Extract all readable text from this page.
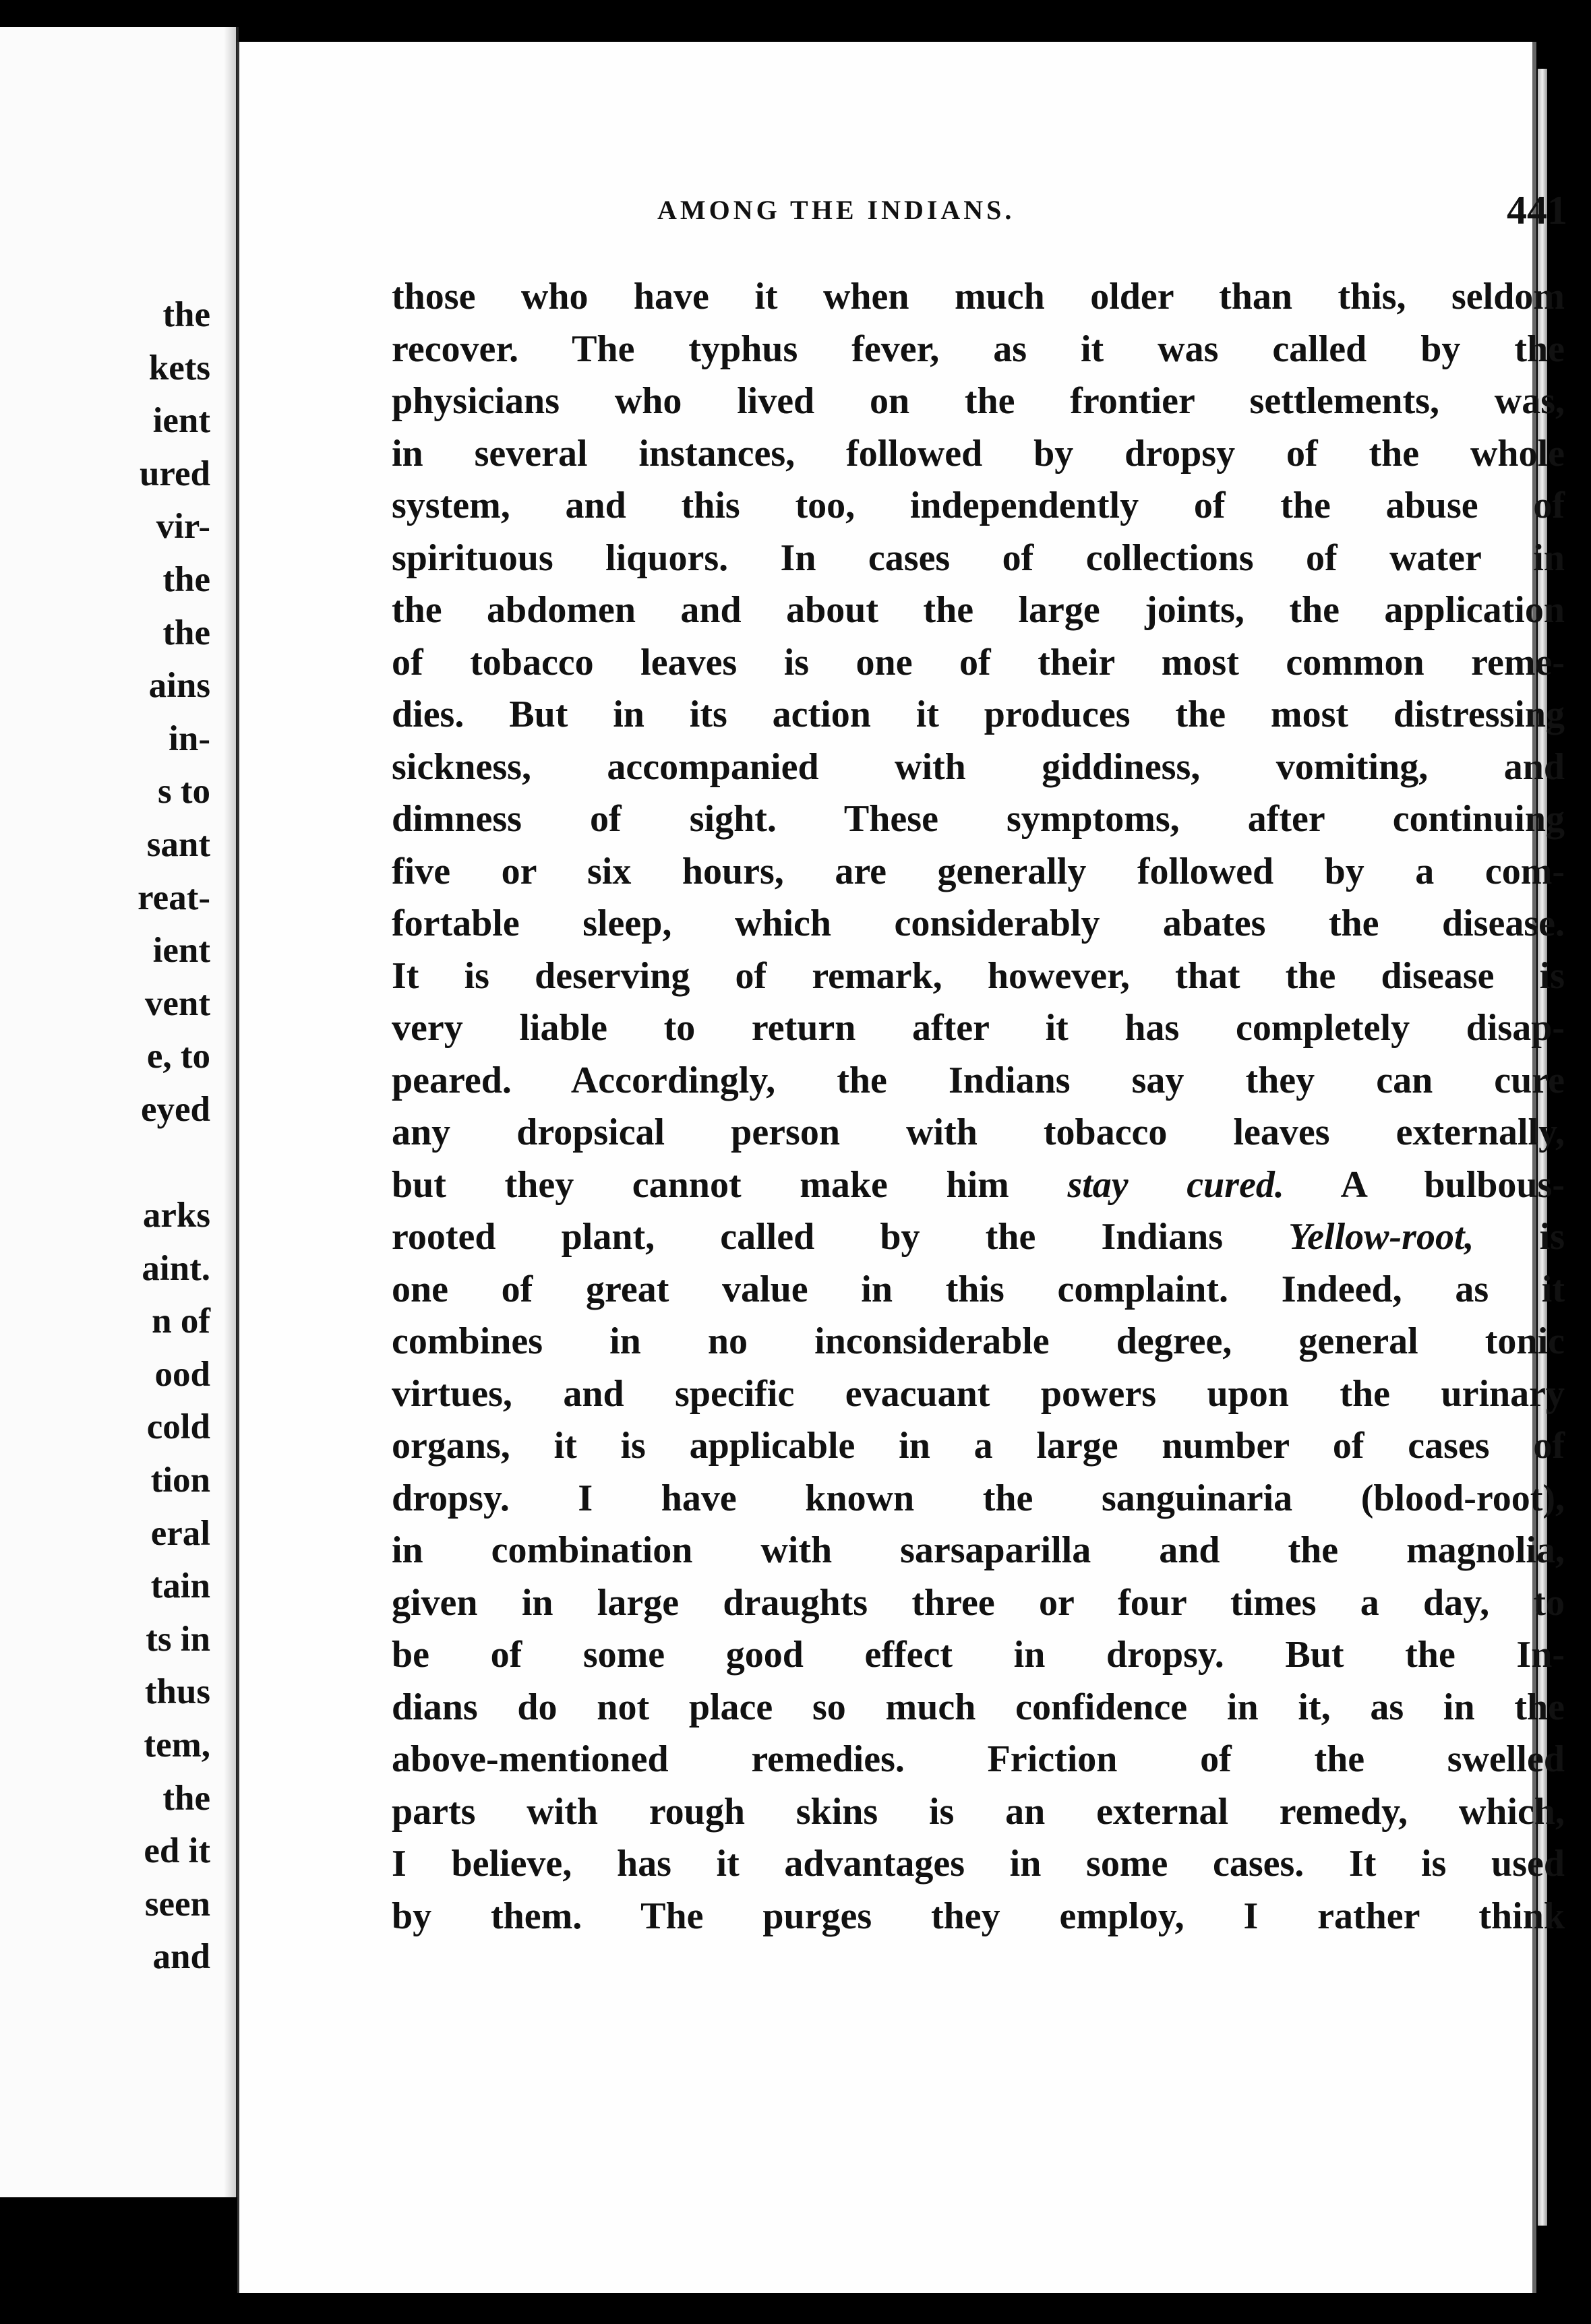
the
kets
ient
ured
vir-
the
the
ains
in-
s to
sant
reat-
ient
vent
e, to
eyed
arks
aint.
n of
ood
cold
tion
eral
tain
ts in
thus
tem,
the
ed it
seen
and
AMONG THE INDIANS.	441
those who have it when much older than this, seldom
recover. The typhus fever, as it was called by the
physicians who lived on the frontier settlements, was,
in several instances, followed by dropsy of the whole
system, and this too, independently of the abuse of
spirituous liquors. In cases of collections of water in
the abdomen and about the large joints, the application
of tobacco leaves is one of their most common reme-
dies. But in its action it produces the most distressing
sickness, accompanied with giddiness, vomiting, and
dimness of sight. These symptoms, after continuing
five or six hours, are generally followed by a com-
fortable sleep, which considerably abates the disease.
It is deserving of remark, however, that the disease is
very liable to return after it has completely disap-
peared. Accordingly, the Indians say they can cure
any dropsical person with tobacco leaves externally,
but they cannot make him stay cured. A bulbous-
rooted plant, called by the Indians Yellow-root, is
one of great value in this complaint. Indeed, as it
combines in no inconsiderable degree, general tonic
virtues, and specific evacuant powers upon the urinary
organs, it is applicable in a large number of cases of
dropsy. I have known the sanguinaria (blood-root),
in combination with sarsaparilla and the magnolia,
given in large draughts three or four times a day, to
be of some good effect in dropsy. But the In-
dians do not place so much confidence in it, as in the
above-mentioned remedies. Friction of the swelled
parts with rough skins is an external remedy, which,
I believe, has it advantages in some cases. It is used
by them. The purges they employ, I rather think
